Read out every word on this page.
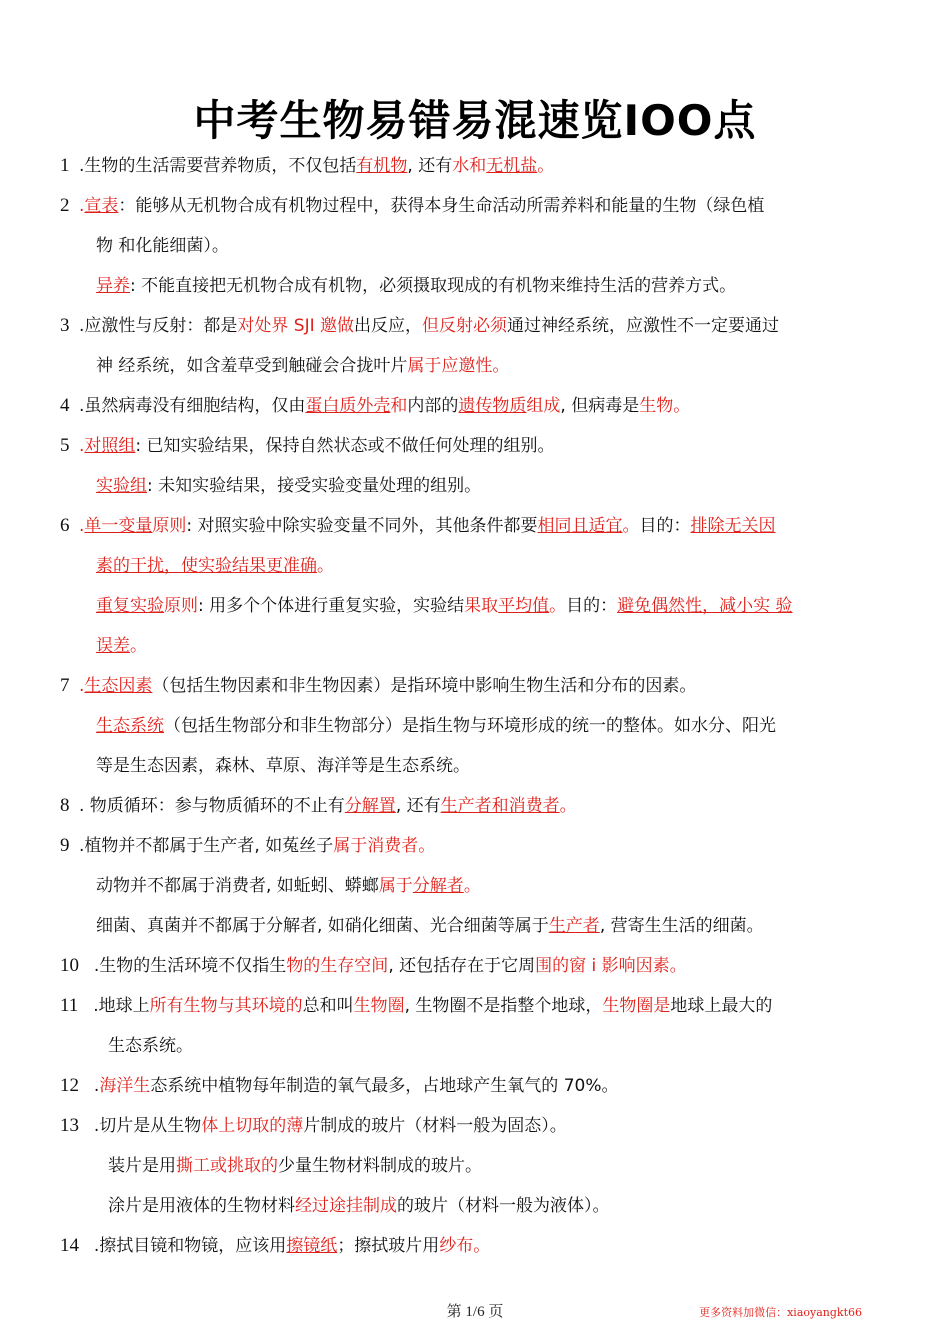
中考生物易错易混速览IOO点
1  .生物的生活需要营养物质，不仅包括有机物, 还有水和无机盐。
2  .宣表：能够从无机物合成有机物过程中，获得本身生命活动所需养料和能量的生物（绿色植
物 和化能细菌）。
异养: 不能直接把无机物合成有机物，必须摄取现成的有机物来维持生活的营养方式。
3  .应激性与反射：都是对处界 SJI 邀做出反应，但反射必须通过神经系统，应激性不一定要通过
神 经系统，如含羞草受到触碰会合拢叶片属于应邀性。
4  .虽然病毒没有细胞结构，仅由蛋白质外壳和内部的遗传物质组成, 但病毒是生物。
5  .对照组: 已知实验结果，保持自然状态或不做任何处理的组别。
实验组: 未知实验结果，接受实验变量处理的组别。
6  .单一变量原则: 对照实验中除实验变量不同外，其他条件都要相同且适宜。目的：排除无关因
素的干扰，使实验结果更准确。
重复实验原则: 用多个个体进行重复实验，实验结果取平均值。目的：避免偶然性，减小实 验
误差。
7  .生态因素（包括生物因素和非生物因素）是指环境中影响生物生活和分布的因素。
生态系统（包括生物部分和非生物部分）是指生物与环境形成的统一的整体。如水分、阳光
等是生态因素，森林、草原、海洋等是生态系统。
8  . 物质循环：参与物质循环的不止有分解置, 还有生产者和消费者。
9  .植物并不都属于生产者, 如菟丝子属于消费者。
动物并不都属于消费者, 如蚯蚓、蟒螂属于分解者。
细菌、真菌并不都属于分解者, 如硝化细菌、光合细菌等属于生产者, 营寄生生活的细菌。
10   .生物的生活环境不仅指生物的生存空间, 还包括存在于它周围的窗 i 影响因素。
11   .地球上所有生物与其环境的总和叫生物圈, 生物圈不是指整个地球，生物圈是地球上最大的
生态系统。
12   .海洋生态系统中植物每年制造的氧气最多，占地球产生氧气的 70%。
13   .切片是从生物体上切取的薄片制成的玻片（材料一般为固态）。
装片是用撕工或挑取的少量生物材料制成的玻片。
涂片是用液体的生物材料经过途挂制成的玻片（材料一般为液体）。
14   .擦拭目镜和物镜，应该用擦镜纸；擦拭玻片用纱布。
第 1/6 页	更多资料加微信：xiaoyangkt66
